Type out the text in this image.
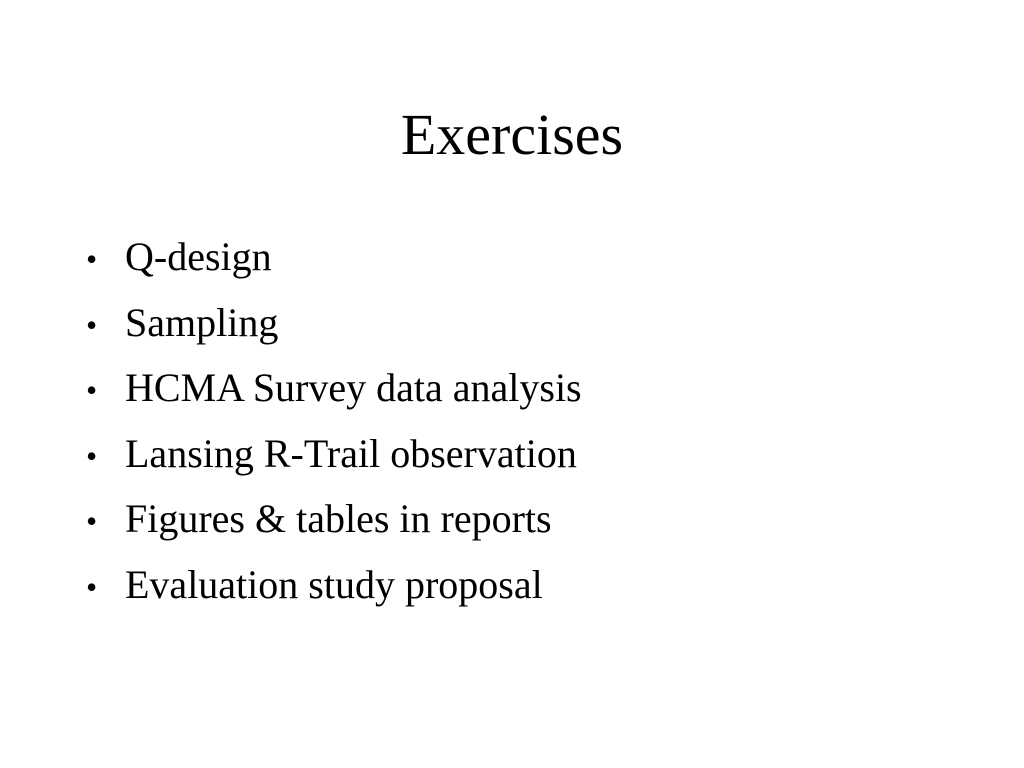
Exercises
• Q-design
• Sampling
• HCMA Survey data analysis
• Lansing R-Trail observation
• Figures & tables in reports
• Evaluation study proposal
